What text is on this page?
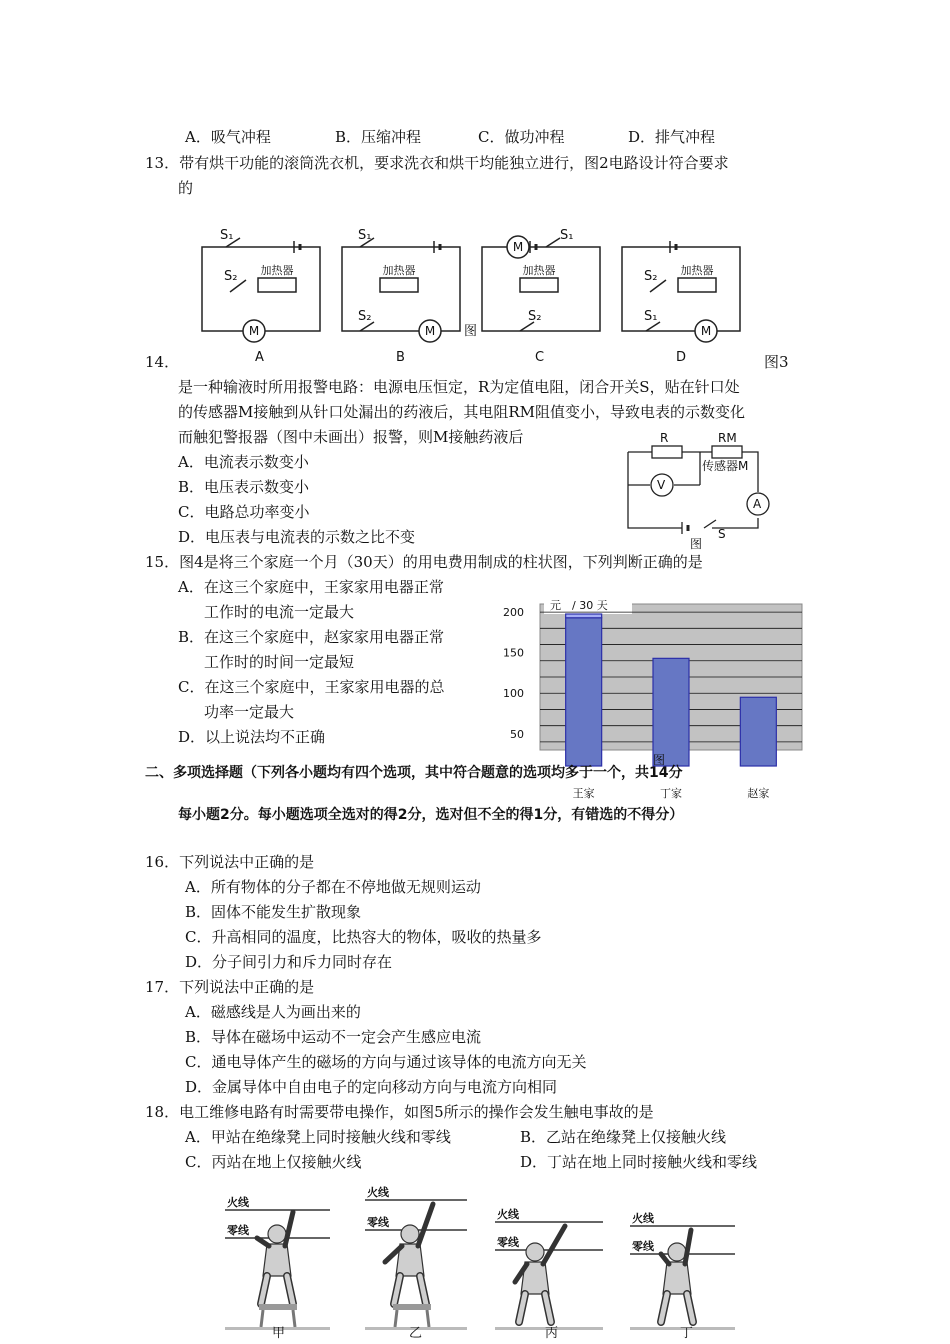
A．吸气冲程	B．压缩冲程	C．做功冲程	D．排气冲程
13．带有烘干功能的滚筒洗衣机，要求洗衣和烘干均能独立进行，图2电路设计符合要求
的
M	M
M
M
加热器	加热器	加热器	加热器
S₁
S₂
S₁
S₂
S₁
S₂
S₂
S₁
图
14．	A	B	C	D	图3
是一种输液时所用报警电路：电源电压恒定，R为定值电阻，闭合开关S，贴在针口处
的传感器M接触到从针口处漏出的药液后，其电阻RM阻值变小，导致电表的示数变化
而触犯警报器（图中未画出）报警，则M接触药液后
A．电流表示数变小
B．电压表示数变小
C．电路总功率变小
D．电压表与电流表的示数之比不变
R	RM
传感器M
V
A
S
图
15．图4是将三个家庭一个月（30天）的用电费用制成的柱状图，下列判断正确的是
A．在这三个家庭中，王家家用电器正常
工作时的电流一定最大
B．在这三个家庭中，赵家家用电器正常
工作时的时间一定最短
C．在这三个家庭中，王家家用电器的总
功率一定最大
D．以上说法均不正确
元　/ 30 天
50
100
150
200
王家	丁家	赵家
图
二、多项选择题（下列各小题均有四个选项，其中符合题意的选项均多于一个，共14分
每小题2分。每小题选项全选对的得2分，选对但不全的得1分，有错选的不得分）
16．下列说法中正确的是
A．所有物体的分子都在不停地做无规则运动
B．固体不能发生扩散现象
C．升高相同的温度，比热容大的物体，吸收的热量多
D．分子间引力和斥力同时存在
17．下列说法中正确的是
A．磁感线是人为画出来的
B．导体在磁场中运动不一定会产生感应电流
C．通电导体产生的磁场的方向与通过该导体的电流方向无关
D．金属导体中自由电子的定向移动方向与电流方向相同
18．电工维修电路有时需要带电操作，如图5所示的操作会发生触电事故的是
A．甲站在绝缘凳上同时接触火线和零线	B．乙站在绝缘凳上仅接触火线
C．丙站在地上仅接触火线	D．丁站在地上同时接触火线和零线
火线
零线
火线
零线
火线
零线
火线
零线
甲	乙	丙	丁
